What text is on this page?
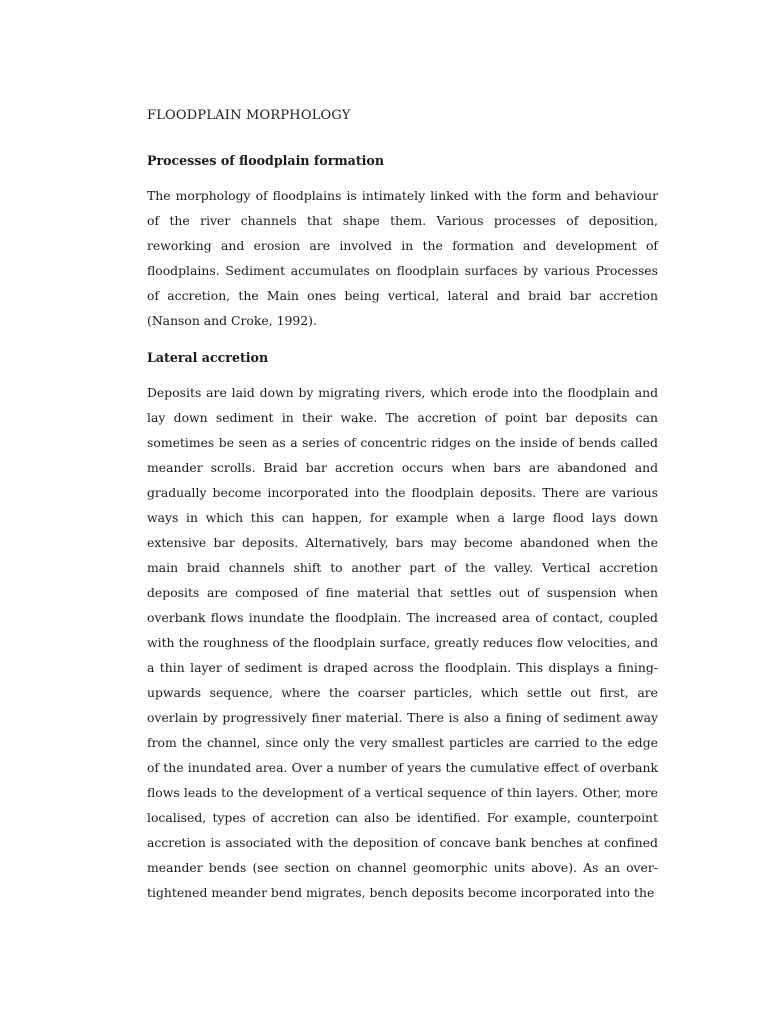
FLOODPLAIN MORPHOLOGY
Processes of floodplain formation

The morphology of floodplains is intimately linked with the form and behaviour of the river channels that shape them. Various processes of deposition, reworking and erosion are involved in the formation and development of floodplains. Sediment accumulates on floodplain surfaces by various Processes of accretion, the Main ones being vertical, lateral and braid bar accretion (Nanson and Croke, 1992).

Lateral accretion

Deposits are laid down by migrating rivers, which erode into the floodplain and lay down sediment in their wake. The accretion of point bar deposits can sometimes be seen as a series of concentric ridges on the inside of bends called meander scrolls. Braid bar accretion occurs when bars are abandoned and gradually become incorporated into the floodplain deposits. There are various ways in which this can happen, for example when a large flood lays down extensive bar deposits. Alternatively, bars may become abandoned when the main braid channels shift to another part of the valley. Vertical accretion deposits are composed of fine material that settles out of suspension when overbank flows inundate the floodplain. The increased area of contact, coupled with the roughness of the floodplain surface, greatly reduces flow velocities, and a thin layer of sediment is draped across the floodplain. This displays a fining-upwards sequence, where the coarser particles, which settle out first, are overlain by progressively finer material. There is also a fining of sediment away from the channel, since only the very smallest particles are carried to the edge of the inundated area. Over a number of years the cumulative effect of overbank flows leads to the development of a vertical sequence of thin layers. Other, more localised, types of accretion can also be identified. For example, counterpoint accretion is associated with the deposition of concave bank benches at confined meander bends (see section on channel geomorphic units above). As an over-tightened meander bend migrates, bench deposits become incorporated into the
